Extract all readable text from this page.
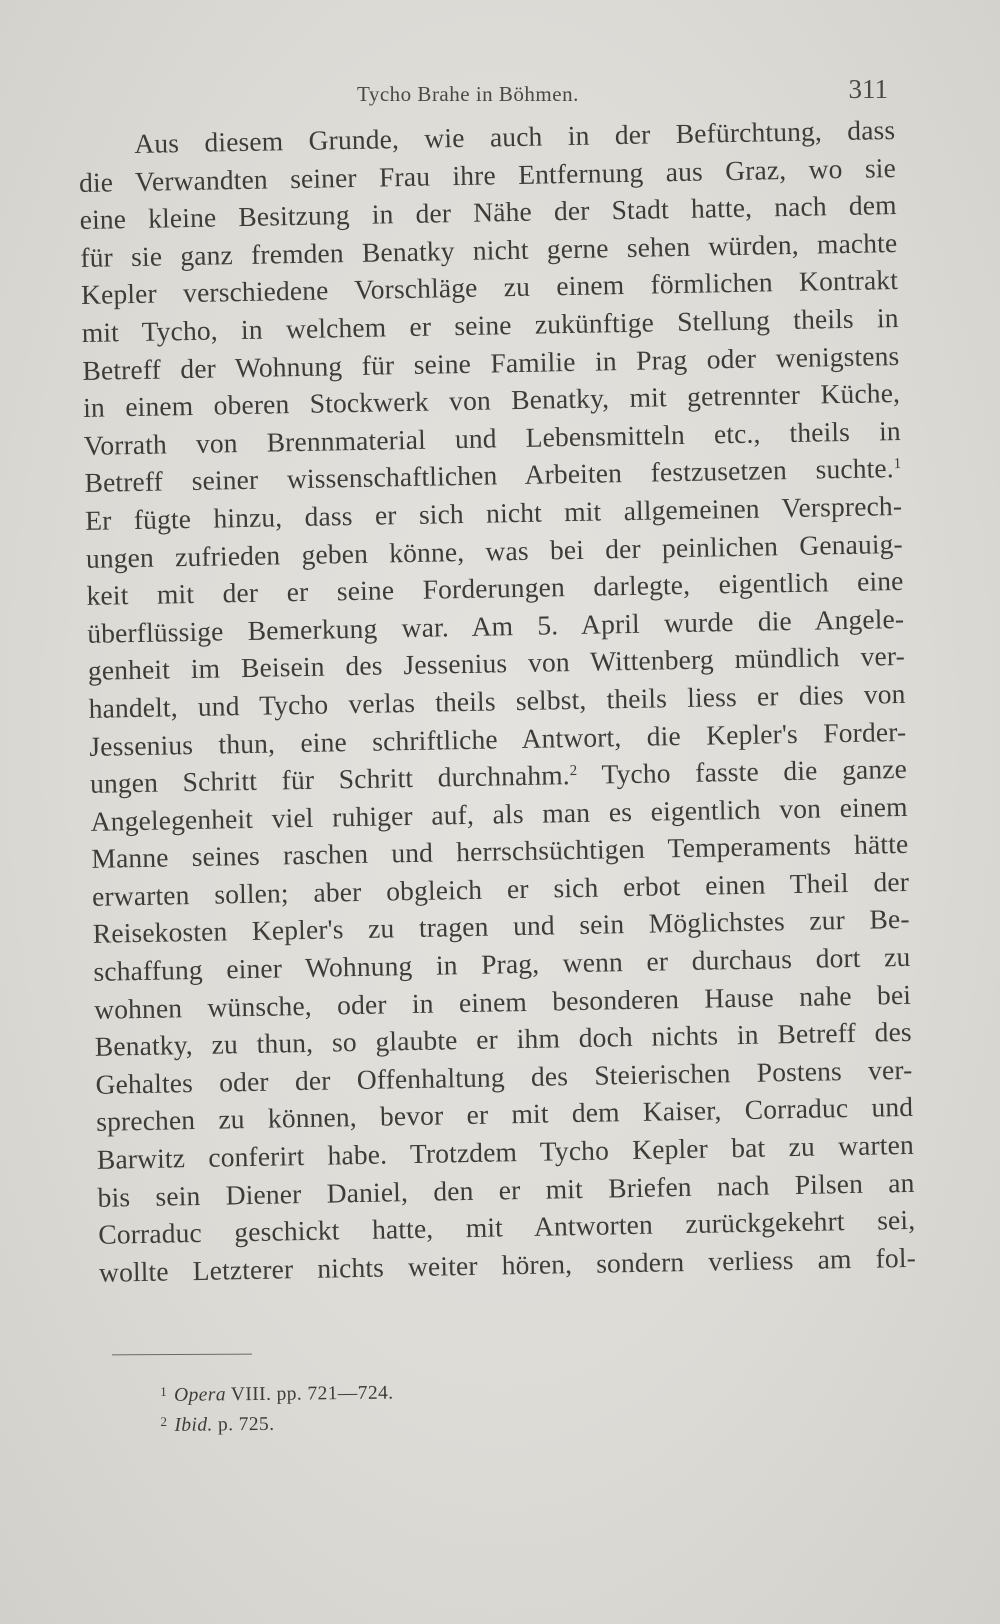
Tycho Brahe in Böhmen.	311
Aus diesem Grunde, wie auch in der Befürchtung, dass
die Verwandten seiner Frau ihre Entfernung aus Graz, wo sie
eine kleine Besitzung in der Nähe der Stadt hatte, nach dem
für sie ganz fremden Benatky nicht gerne sehen würden, machte
Kepler verschiedene Vorschläge zu einem förmlichen Kontrakt
mit Tycho, in welchem er seine zukünftige Stellung theils in
Betreff der Wohnung für seine Familie in Prag oder wenigstens
in einem oberen Stockwerk von Benatky, mit getrennter Küche,
Vorrath von Brennmaterial und Lebensmitteln etc., theils in
Betreff seiner wissenschaftlichen Arbeiten festzusetzen suchte.$^1$
Er fügte hinzu, dass er sich nicht mit allgemeinen Versprech-
ungen zufrieden geben könne, was bei der peinlichen Genauig-
keit mit der er seine Forderungen darlegte, eigentlich eine
überflüssige Bemerkung war. Am 5. April wurde die Angele-
genheit im Beisein des Jessenius von Wittenberg mündlich ver-
handelt, und Tycho verlas theils selbst, theils liess er dies von
Jessenius thun, eine schriftliche Antwort, die Kepler's Forder-
ungen Schritt für Schritt durchnahm.$^2$ Tycho fasste die ganze
Angelegenheit viel ruhiger auf, als man es eigentlich von einem
Manne seines raschen und herrschsüchtigen Temperaments hätte
erwarten sollen; aber obgleich er sich erbot einen Theil der
Reisekosten Kepler's zu tragen und sein Möglichstes zur Be-
schaffung einer Wohnung in Prag, wenn er durchaus dort zu
wohnen wünsche, oder in einem besonderen Hause nahe bei
Benatky, zu thun, so glaubte er ihm doch nichts in Betreff des
Gehaltes oder der Offenhaltung des Steierischen Postens ver-
sprechen zu können, bevor er mit dem Kaiser, Corraduc und
Barwitz conferirt habe. Trotzdem Tycho Kepler bat zu warten
bis sein Diener Daniel, den er mit Briefen nach Pilsen an
Corraduc geschickt hatte, mit Antworten zurückgekehrt sei,
wollte Letzterer nichts weiter hören, sondern verliess am fol-
$^1$ Opera VIII. pp. 721—724.
$^2$ Ibid. p. 725.
